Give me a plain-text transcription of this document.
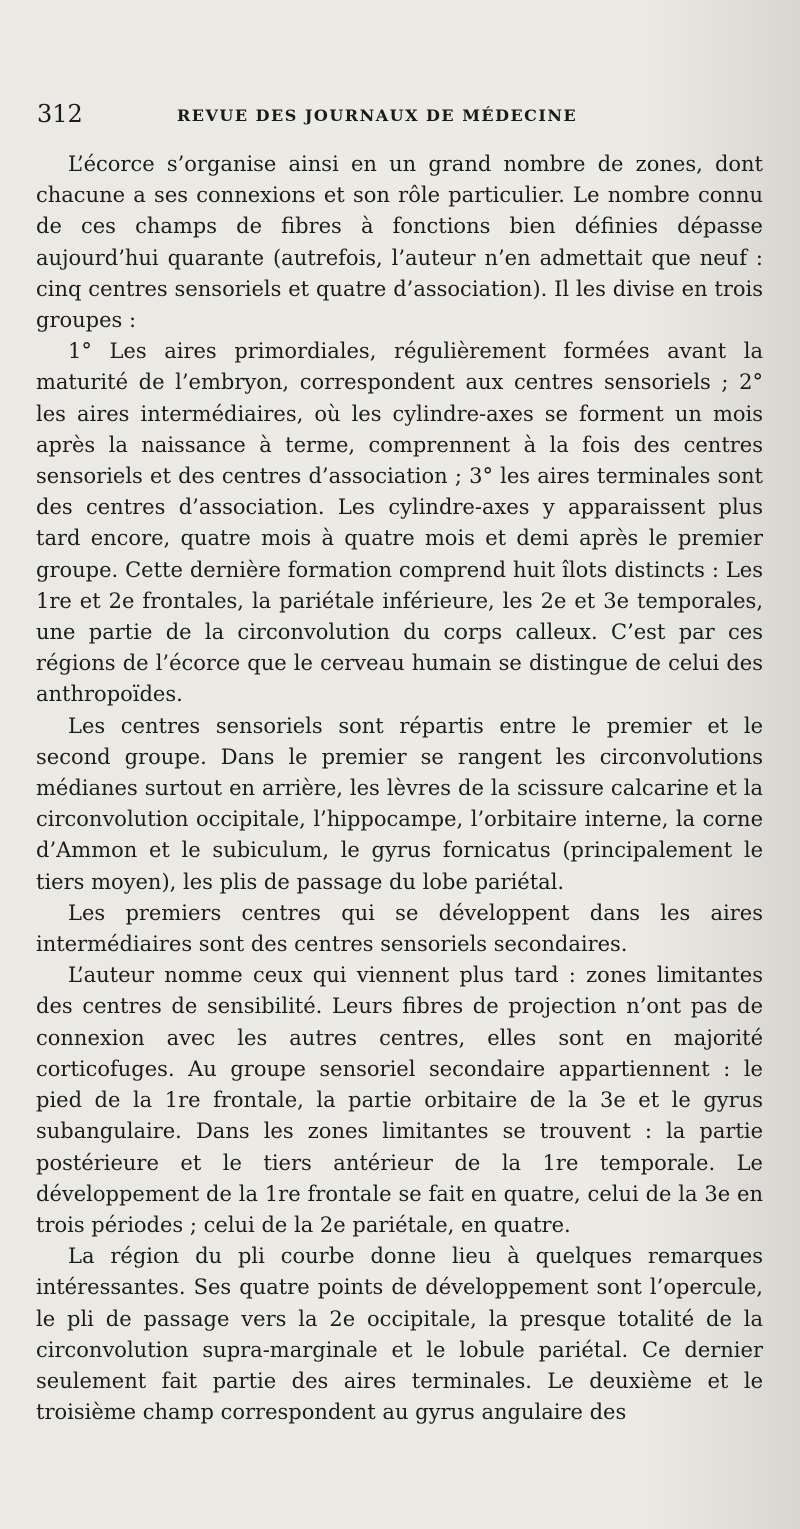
312	REVUE DES JOURNAUX DE MÉDECINE

L’écorce s’organise ainsi en un grand nombre de zones, dont chacune a ses connexions et son rôle particulier. Le nombre connu de ces champs de fibres à fonctions bien définies dépasse aujourd’hui quarante (autrefois, l’auteur n’en admettait que neuf : cinq centres sensoriels et quatre d’association). Il les divise en trois groupes :

1° Les aires primordiales, régulièrement formées avant la maturité de l’embryon, correspondent aux centres sensoriels ; 2° les aires intermédiaires, où les cylindre-axes se forment un mois après la naissance à terme, comprennent à la fois des centres sensoriels et des centres d’association ; 3° les aires terminales sont des centres d’association. Les cylindre-axes y apparaissent plus tard encore, quatre mois à quatre mois et demi après le premier groupe. Cette dernière formation comprend huit îlots distincts : Les 1re et 2e frontales, la pariétale inférieure, les 2e et 3e temporales, une partie de la circonvolution du corps calleux. C’est par ces régions de l’écorce que le cerveau humain se distingue de celui des anthropoïdes.

Les centres sensoriels sont répartis entre le premier et le second groupe. Dans le premier se rangent les circonvolutions médianes surtout en arrière, les lèvres de la scissure calcarine et la circonvolution occipitale, l’hippocampe, l’orbitaire interne, la corne d’Ammon et le subiculum, le gyrus fornicatus (principalement le tiers moyen), les plis de passage du lobe pariétal.

Les premiers centres qui se développent dans les aires intermédiaires sont des centres sensoriels secondaires.

L’auteur nomme ceux qui viennent plus tard : zones limitantes des centres de sensibilité. Leurs fibres de projection n’ont pas de connexion avec les autres centres, elles sont en majorité corticofuges. Au groupe sensoriel secondaire appartiennent : le pied de la 1re frontale, la partie orbitaire de la 3e et le gyrus subangulaire. Dans les zones limitantes se trouvent : la partie postérieure et le tiers antérieur de la 1re temporale. Le développement de la 1re frontale se fait en quatre, celui de la 3e en trois périodes ; celui de la 2e pariétale, en quatre.

La région du pli courbe donne lieu à quelques remarques intéressantes. Ses quatre points de développement sont l’opercule, le pli de passage vers la 2e occipitale, la presque totalité de la circonvolution supra-marginale et le lobule pariétal. Ce dernier seulement fait partie des aires terminales. Le deuxième et le troisième champ correspondent au gyrus angulaire des
